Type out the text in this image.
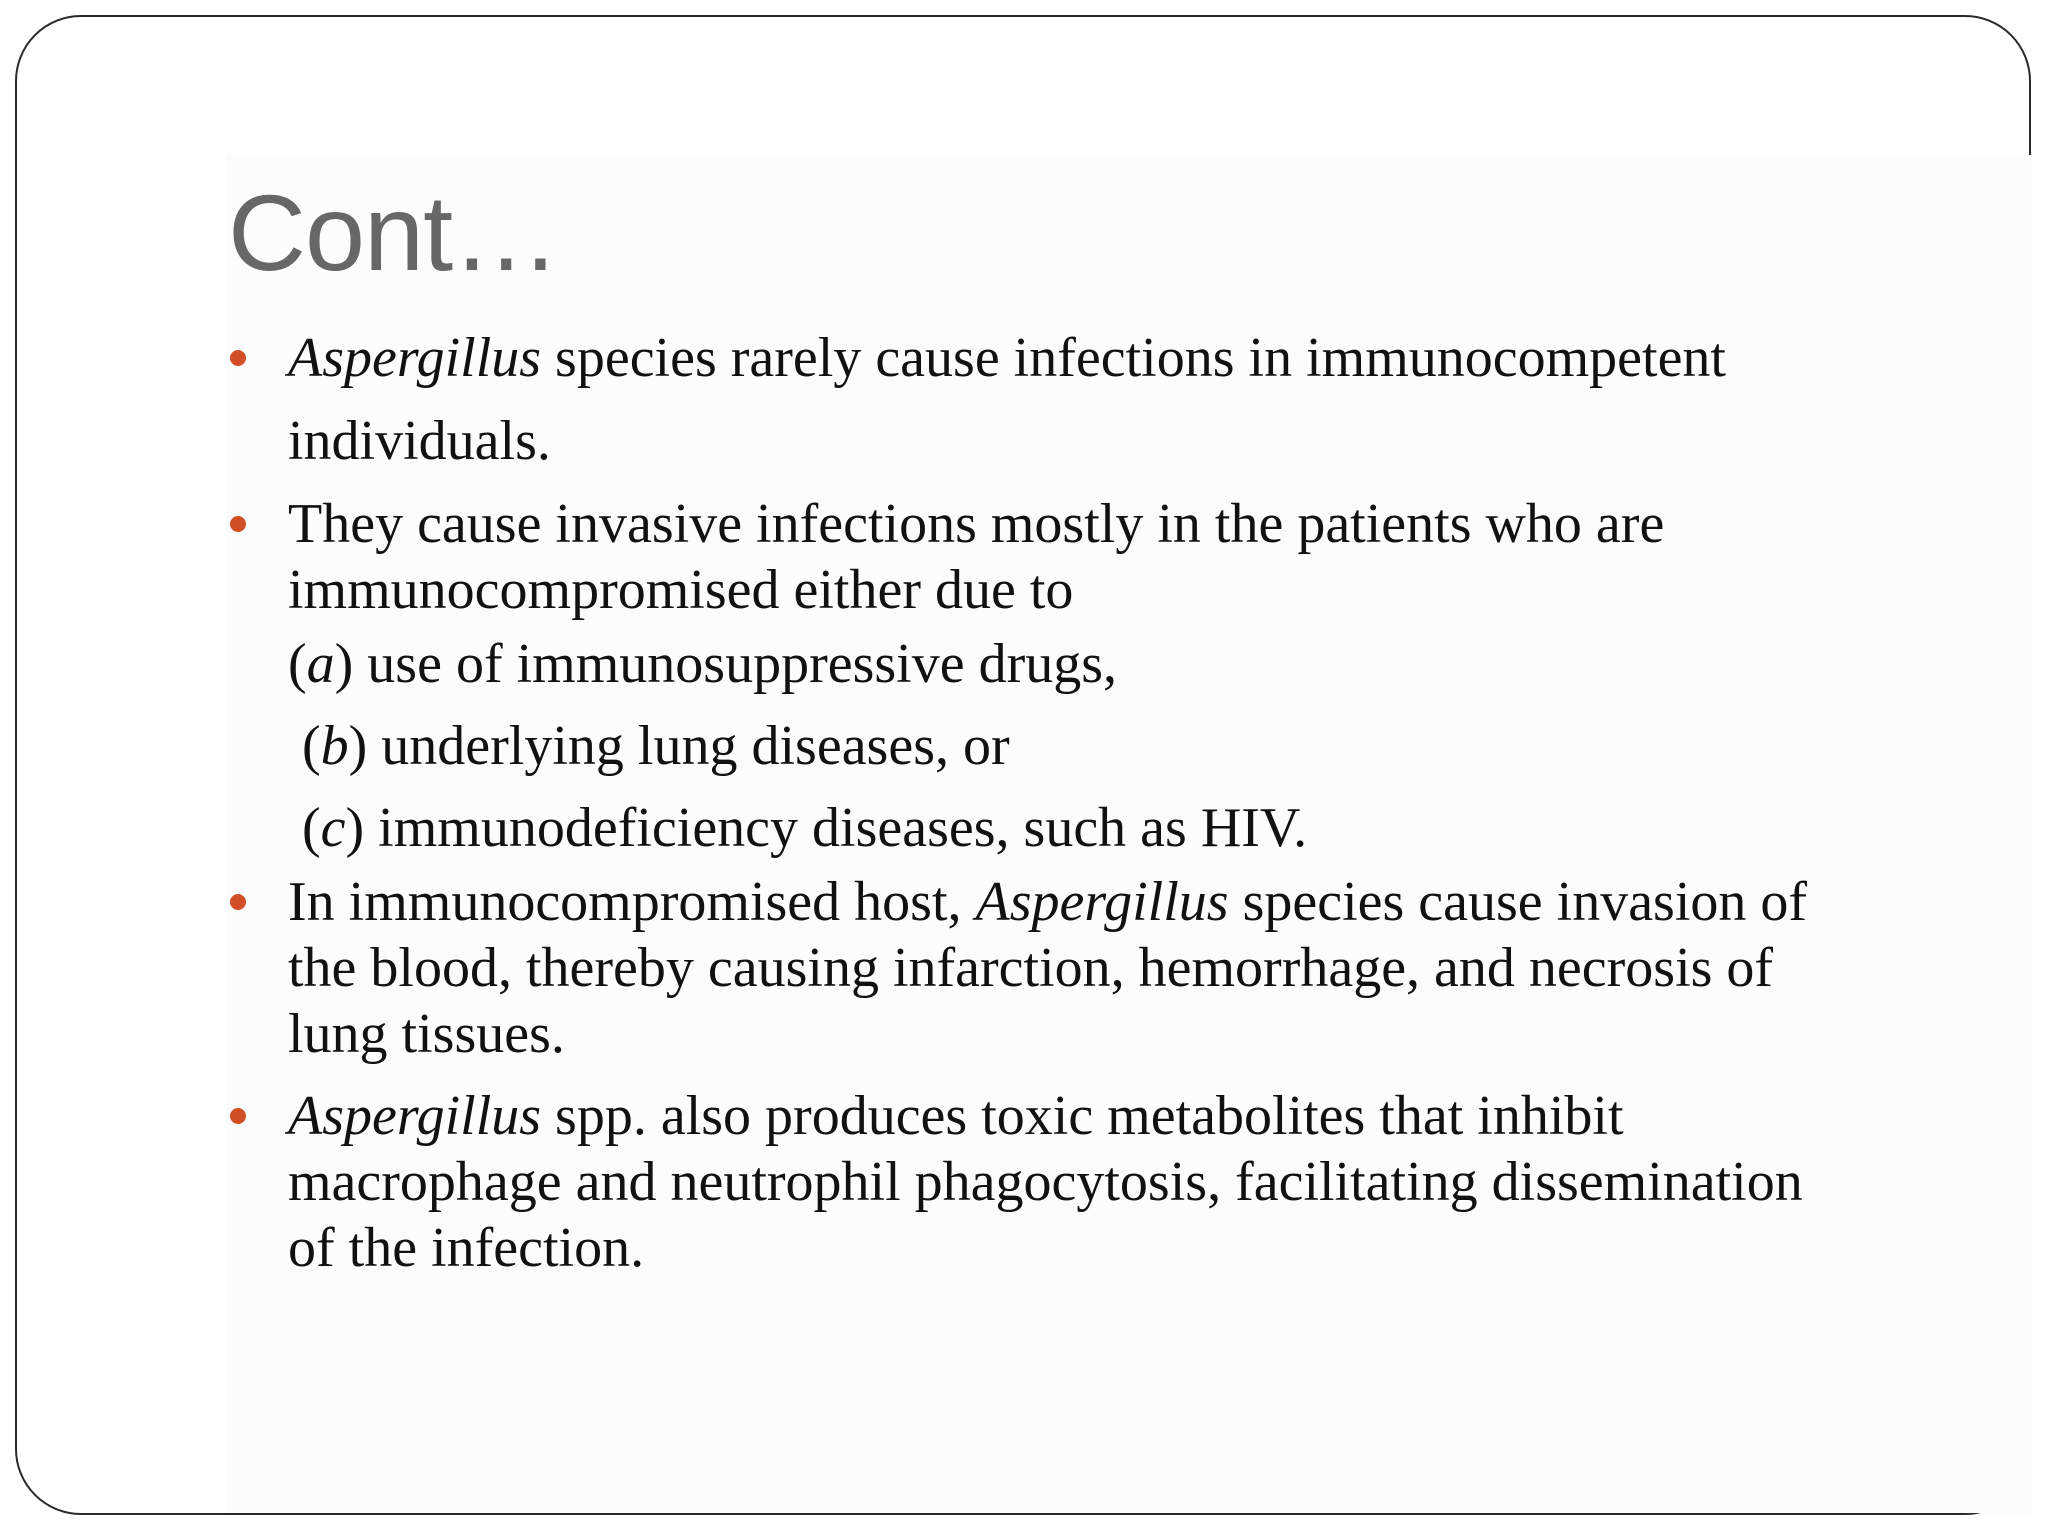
Cont…
Aspergillus species rarely cause infections in immunocompetent
individuals.
They cause invasive infections mostly in the patients who are
immunocompromised either due to
(a) use of immunosuppressive drugs,
(b) underlying lung diseases, or
(c) immunodeficiency diseases, such as HIV.
In immunocompromised host, Aspergillus species cause invasion of
the blood, thereby causing infarction, hemorrhage, and necrosis of
lung tissues.
Aspergillus spp. also produces toxic metabolites that inhibit
macrophage and neutrophil phagocytosis, facilitating dissemination
of the infection.
